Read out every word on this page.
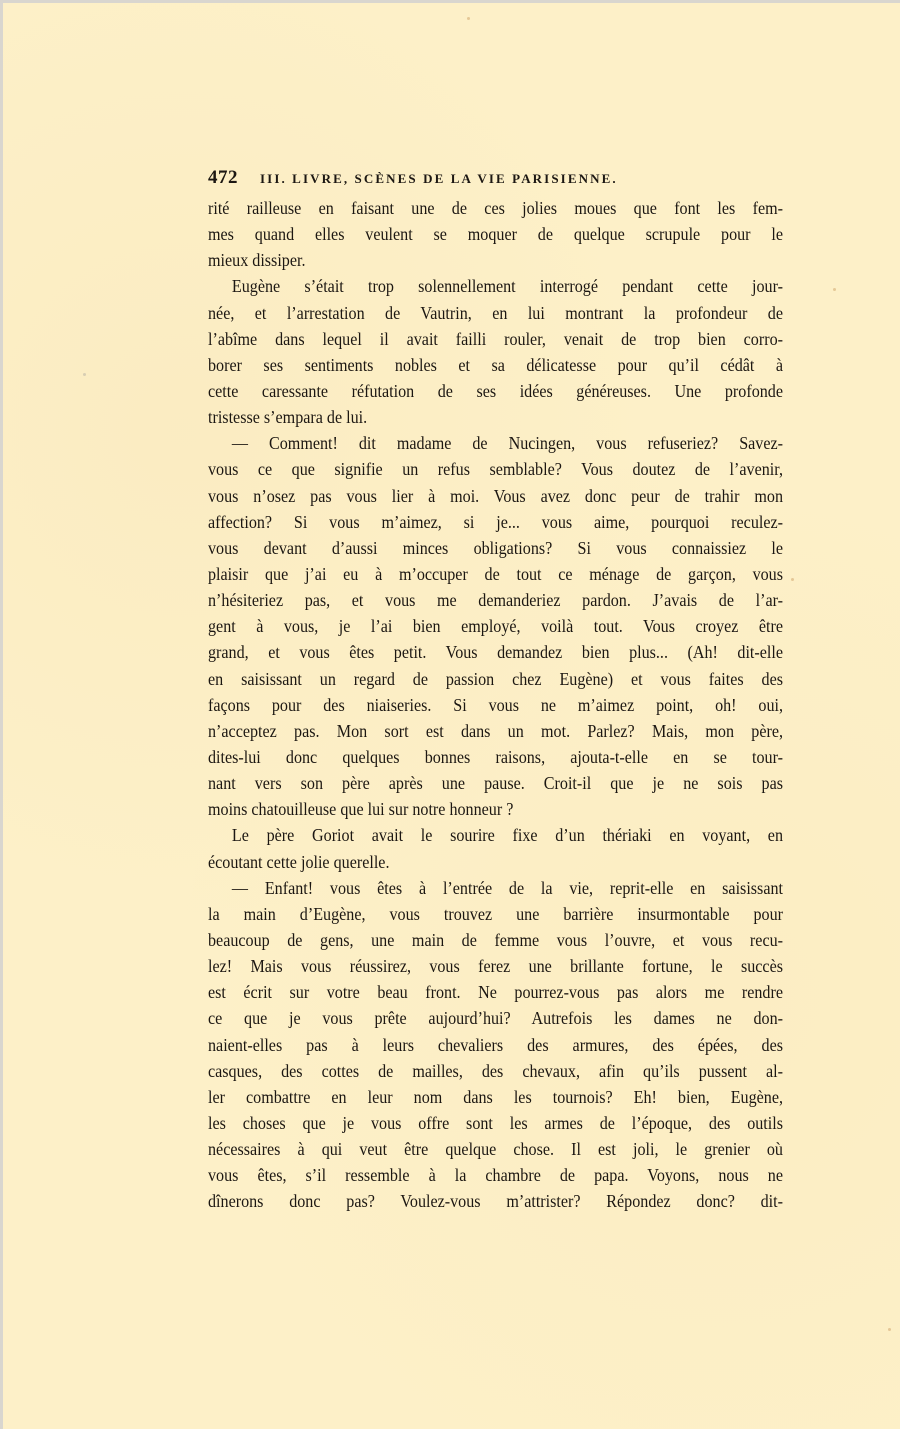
472	III. LIVRE, SCÈNES DE LA VIE PARISIENNE.
rité railleuse en faisant une de ces jolies moues que font les fem-
mes quand elles veulent se moquer de quelque scrupule pour le
mieux dissiper.
Eugène s’était trop solennellement interrogé pendant cette jour-
née, et l’arrestation de Vautrin, en lui montrant la profondeur de
l’abîme dans lequel il avait failli rouler, venait de trop bien corro-
borer ses sentiments nobles et sa délicatesse pour qu’il cédât à
cette caressante réfutation de ses idées généreuses. Une profonde
tristesse s’empara de lui.
— Comment! dit madame de Nucingen, vous refuseriez? Savez-
vous ce que signifie un refus semblable? Vous doutez de l’avenir,
vous n’osez pas vous lier à moi. Vous avez donc peur de trahir mon
affection? Si vous m’aimez, si je... vous aime, pourquoi reculez-
vous devant d’aussi minces obligations? Si vous connaissiez le
plaisir que j’ai eu à m’occuper de tout ce ménage de garçon, vous
n’hésiteriez pas, et vous me demanderiez pardon. J’avais de l’ar-
gent à vous, je l’ai bien employé, voilà tout. Vous croyez être
grand, et vous êtes petit. Vous demandez bien plus... (Ah! dit-elle
en saisissant un regard de passion chez Eugène) et vous faites des
façons pour des niaiseries. Si vous ne m’aimez point, oh! oui,
n’acceptez pas. Mon sort est dans un mot. Parlez? Mais, mon père,
dites-lui donc quelques bonnes raisons, ajouta-t-elle en se tour-
nant vers son père après une pause. Croit-il que je ne sois pas
moins chatouilleuse que lui sur notre honneur ?
Le père Goriot avait le sourire fixe d’un thériaki en voyant, en
écoutant cette jolie querelle.
— Enfant! vous êtes à l’entrée de la vie, reprit-elle en saisissant
la main d’Eugène, vous trouvez une barrière insurmontable pour
beaucoup de gens, une main de femme vous l’ouvre, et vous recu-
lez! Mais vous réussirez, vous ferez une brillante fortune, le succès
est écrit sur votre beau front. Ne pourrez-vous pas alors me rendre
ce que je vous prête aujourd’hui? Autrefois les dames ne don-
naient-elles pas à leurs chevaliers des armures, des épées, des
casques, des cottes de mailles, des chevaux, afin qu’ils pussent al-
ler combattre en leur nom dans les tournois? Eh! bien, Eugène,
les choses que je vous offre sont les armes de l’époque, des outils
nécessaires à qui veut être quelque chose. Il est joli, le grenier où
vous êtes, s’il ressemble à la chambre de papa. Voyons, nous ne
dînerons donc pas? Voulez-vous m’attrister? Répondez donc? dit-
